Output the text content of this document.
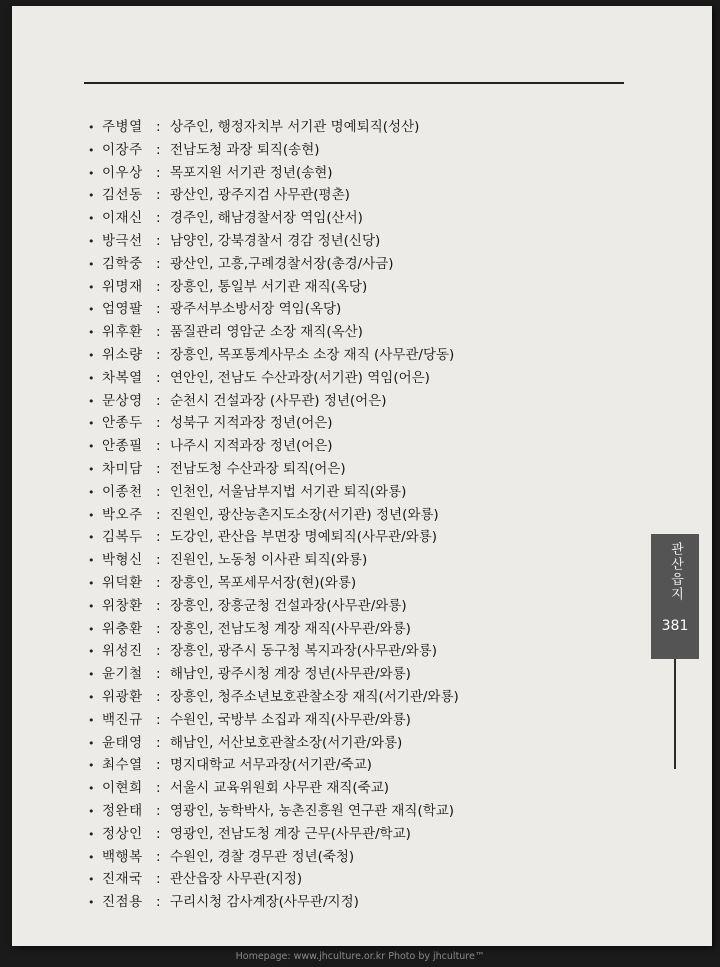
• 주병열 : 상주인, 행정자치부 서기관 명예퇴직(성산)
• 이장주 : 전남도청 과장 퇴직(송현)
• 이우상 : 목포지원 서기관 정년(송현)
• 김선동 : 광산인, 광주지검 사무관(평촌)
• 이재신 : 경주인, 해남경찰서장 역임(산서)
• 방극선 : 남양인, 강북경찰서 경감 정년(신당)
• 김학중 : 광산인, 고흥,구례경찰서장(총경/사금)
• 위명재 : 장흥인, 통일부 서기관 재직(옥당)
• 엄영팔 : 광주서부소방서장 역임(옥당)
• 위후환 : 품질관리 영암군 소장 재직(옥산)
• 위소량 : 장흥인, 목포통계사무소 소장 재직 (사무관/당동)
• 차복열 : 연안인, 전남도 수산과장(서기관) 역임(어은)
• 문상영 : 순천시 건설과장 (사무관) 정년(어은)
• 안종두 : 성북구 지적과장 정년(어은)
• 안종필 : 나주시 지적과장 정년(어은)
• 차미담 : 전남도청 수산과장 퇴직(어은)
• 이종천 : 인천인, 서울남부지법 서기관 퇴직(와룡)
• 박오주 : 진원인, 광산농촌지도소장(서기관) 정년(와룡)
• 김복두 : 도강인, 관산읍 부면장 명예퇴직(사무관/와룡)
• 박형신 : 진원인, 노동청 이사관 퇴직(와룡)
• 위덕환 : 장흥인, 목포세무서장(현)(와룡)
• 위창환 : 장흥인, 장흥군청 건설과장(사무관/와룡)
• 위충환 : 장흥인, 전남도청 계장 재직(사무관/와룡)
• 위성진 : 장흥인, 광주시 동구청 복지과장(사무관/와룡)
• 윤기철 : 해남인, 광주시청 계장 정년(사무관/와룡)
• 위광환 : 장흥인, 청주소년보호관찰소장 재직(서기관/와룡)
• 백진규 : 수원인, 국방부 소집과 재직(사무관/와룡)
• 윤태영 : 해남인, 서산보호관찰소장(서기관/와룡)
• 최수열 : 명지대학교 서무과장(서기관/죽교)
• 이현희 : 서울시 교육위원회 사무관 재직(죽교)
• 정완태 : 영광인, 농학박사, 농촌진흥원 연구관 재직(학교)
• 정상인 : 영광인, 전남도청 계장 근무(사무관/학교)
• 백행복 : 수원인, 경찰 경무관 정년(죽청)
• 진재국 : 관산읍장 사무관(지정)
• 진점용 : 구리시청 감사계장(사무관/지정)
관산읍지
381
Homepage: www.jhculture.or.kr Photo by jhculture™
